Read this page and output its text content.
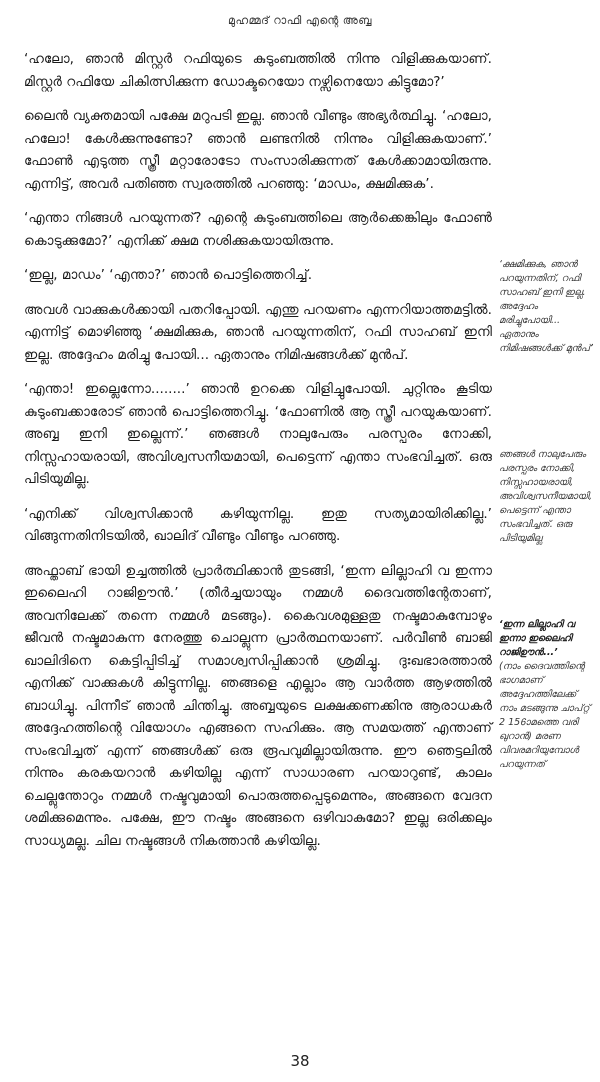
മുഹമ്മദ് റാഫി എന്റെ അബ്ബ

‘ഹലോ, ഞാൻ മിസ്റ്റർ റഫിയുടെ കുടുംബത്തിൽ നിന്നു വിളിക്കുകയാണ്. മിസ്റ്റർ റഫിയേ ചികിത്സിക്കുന്ന ഡോക്ടറെയോ നഴ്സിനെയോ കിട്ടുമോ?’

ലൈൻ വ്യക്തമായി പക്ഷേ മറുപടി ഇല്ല. ഞാൻ വീണ്ടും അഭ്യർത്ഥിച്ചു. ‘ഹലോ, ഹലോ! കേൾക്കുന്നുണ്ടോ? ഞാൻ ലണ്ടനിൽ നിന്നും വിളിക്കുകയാണ്.’ ഫോൺ എടുത്ത സ്ത്രീ മറ്റാരോടോ സംസാരിക്കുന്നത് കേൾക്കാമായിരുന്നു. എന്നിട്ട്, അവർ പതിഞ്ഞ സ്വരത്തിൽ പറഞ്ഞു: ‘മാഡം, ക്ഷമിക്കുക’.

‘എന്താ നിങ്ങൾ പറയുന്നത്? എന്റെ കുടുംബത്തിലെ ആർക്കെങ്കിലും ഫോൺ കൊടുക്കുമോ?’ എനിക്ക് ക്ഷമ നശിക്കുകയായിരുന്നു.

‘ഇല്ല, മാഡം’ ‘എന്താ?’ ഞാൻ പൊട്ടിത്തെറിച്ച്.

അവൾ വാക്കുകൾക്കായി പതറിപ്പോയി. എന്തു പറയണം എന്നറിയാത്തമട്ടിൽ. എന്നിട്ട് മൊഴിഞ്ഞു ‘ക്ഷമിക്കുക, ഞാൻ പറയുന്നതിന്, റഫി സാഹബ് ഇനി ഇല്ല. അദ്ദേഹം മരിച്ചു പോയി... ഏതാനും നിമിഷങ്ങൾക്ക് മുൻപ്.

‘എന്താ! ഇല്ലെന്നോ........’ ഞാൻ ഉറക്കെ വിളിച്ചുപോയി. ചുറ്റിനും കൂടിയ കുടുംബക്കാരോട് ഞാൻ പൊട്ടിത്തെറിച്ചു. ‘ഫോണിൽ ആ സ്ത്രീ പറയുകയാണ്. അബ്ബ ഇനി ഇല്ലെന്ന്.’ ഞങ്ങൾ നാലുപേരും പരസ്പരം നോക്കി, നിസ്സഹായരായി, അവിശ്വസനീയമായി, പെട്ടെന്ന് എന്താ സംഭവിച്ചത്. ഒരു പിടിയുമില്ല.

‘എനിക്ക് വിശ്വസിക്കാൻ കഴിയുന്നില്ല. ഇതു സത്യമായിരിക്കില്ല.’ വിങ്ങുന്നതിനിടയിൽ, ഖാലിദ് വീണ്ടും വീണ്ടും പറഞ്ഞു.

അഫ്താബ് ഭായി ഉച്ചത്തിൽ പ്രാർത്ഥിക്കാൻ തുടങ്ങി, ‘ഇന്ന ലില്ലാഹി വ ഇന്നാ ഇലൈഹി റാജിഊൻ.’ (തീർച്ചയായും നമ്മൾ ദൈവത്തിന്റേതാണ്, അവനിലേക്ക് തന്നെ നമ്മൾ മടങ്ങും). കൈവശമുള്ളതു നഷ്ടമാകുമ്പോഴും ജീവൻ നഷ്ടമാകുന്ന നേരത്തു ചൊല്ലുന്ന പ്രാർത്ഥനയാണ്. പർവീൺ ബാജി ഖാലിദിനെ കെട്ടിപ്പിടിച്ച് സമാശ്വസിപ്പിക്കാൻ ശ്രമിച്ചു. ദുഃഖഭാരത്താൽ എനിക്ക് വാക്കുകൾ കിട്ടുന്നില്ല. ഞങ്ങളെ എല്ലാം ആ വാർത്ത ആഴത്തിൽ ബാധിച്ചു. പിന്നീട് ഞാൻ ചിന്തിച്ചു. അബ്ബയുടെ ലക്ഷക്കണക്കിനു ആരാധകർ അദ്ദേഹത്തിന്റെ വിയോഗം എങ്ങനെ സഹിക്കും. ആ സമയത്ത് എന്താണ് സംഭവിച്ചത് എന്ന് ഞങ്ങൾക്ക് ഒരു രൂപവുമില്ലായിരുന്നു. ഈ ഞെട്ടലിൽ നിന്നും കരകയറാൻ കഴിയില്ല എന്ന് സാധാരണ പറയാറുണ്ട്, കാലം ചെല്ലുന്തോറും നമ്മൾ നഷ്ടവുമായി പൊരുത്തപ്പെടുമെന്നും, അങ്ങനെ വേദന ശമിക്കുമെന്നും. പക്ഷേ, ഈ നഷ്ടം അങ്ങനെ ഒഴിവാകുമോ? ഇല്ല ഒരിക്കലും സാധ്യമല്ല. ചില നഷ്ടങ്ങൾ നികത്താൻ കഴിയില്ല.

‘ക്ഷമിക്കുക, ഞാൻ പറയുന്നതിന്, റഫി സാഹബ് ഇനി ഇല്ല. അദ്ദേഹം മരിച്ചുപോയി... ഏതാനും നിമിഷങ്ങൾക്ക് മുൻപ്’
ഞങ്ങൾ നാലുപേരും പരസ്പരം നോക്കി, നിസ്സഹായരായി, അവിശ്വസനീയമായി, പെട്ടെന്ന് എന്താ സംഭവിച്ചത്. ഒരു പിടിയുമില്ല
‘ഇന്ന ലില്ലാഹി വ ഇന്നാ ഇലൈഹി റാജിഊൻ...’
(നാം ദൈവത്തിന്റെ ഭാഗമാണ് അദ്ദേഹത്തിലേക്ക് നാം മടങ്ങുന്നു ചാപ്റ്റ് 2 156ാമത്തെ വരി ഖുറാൻ) മരണ വിവരമറിയുമ്പോൾ പറയുന്നത്
38
